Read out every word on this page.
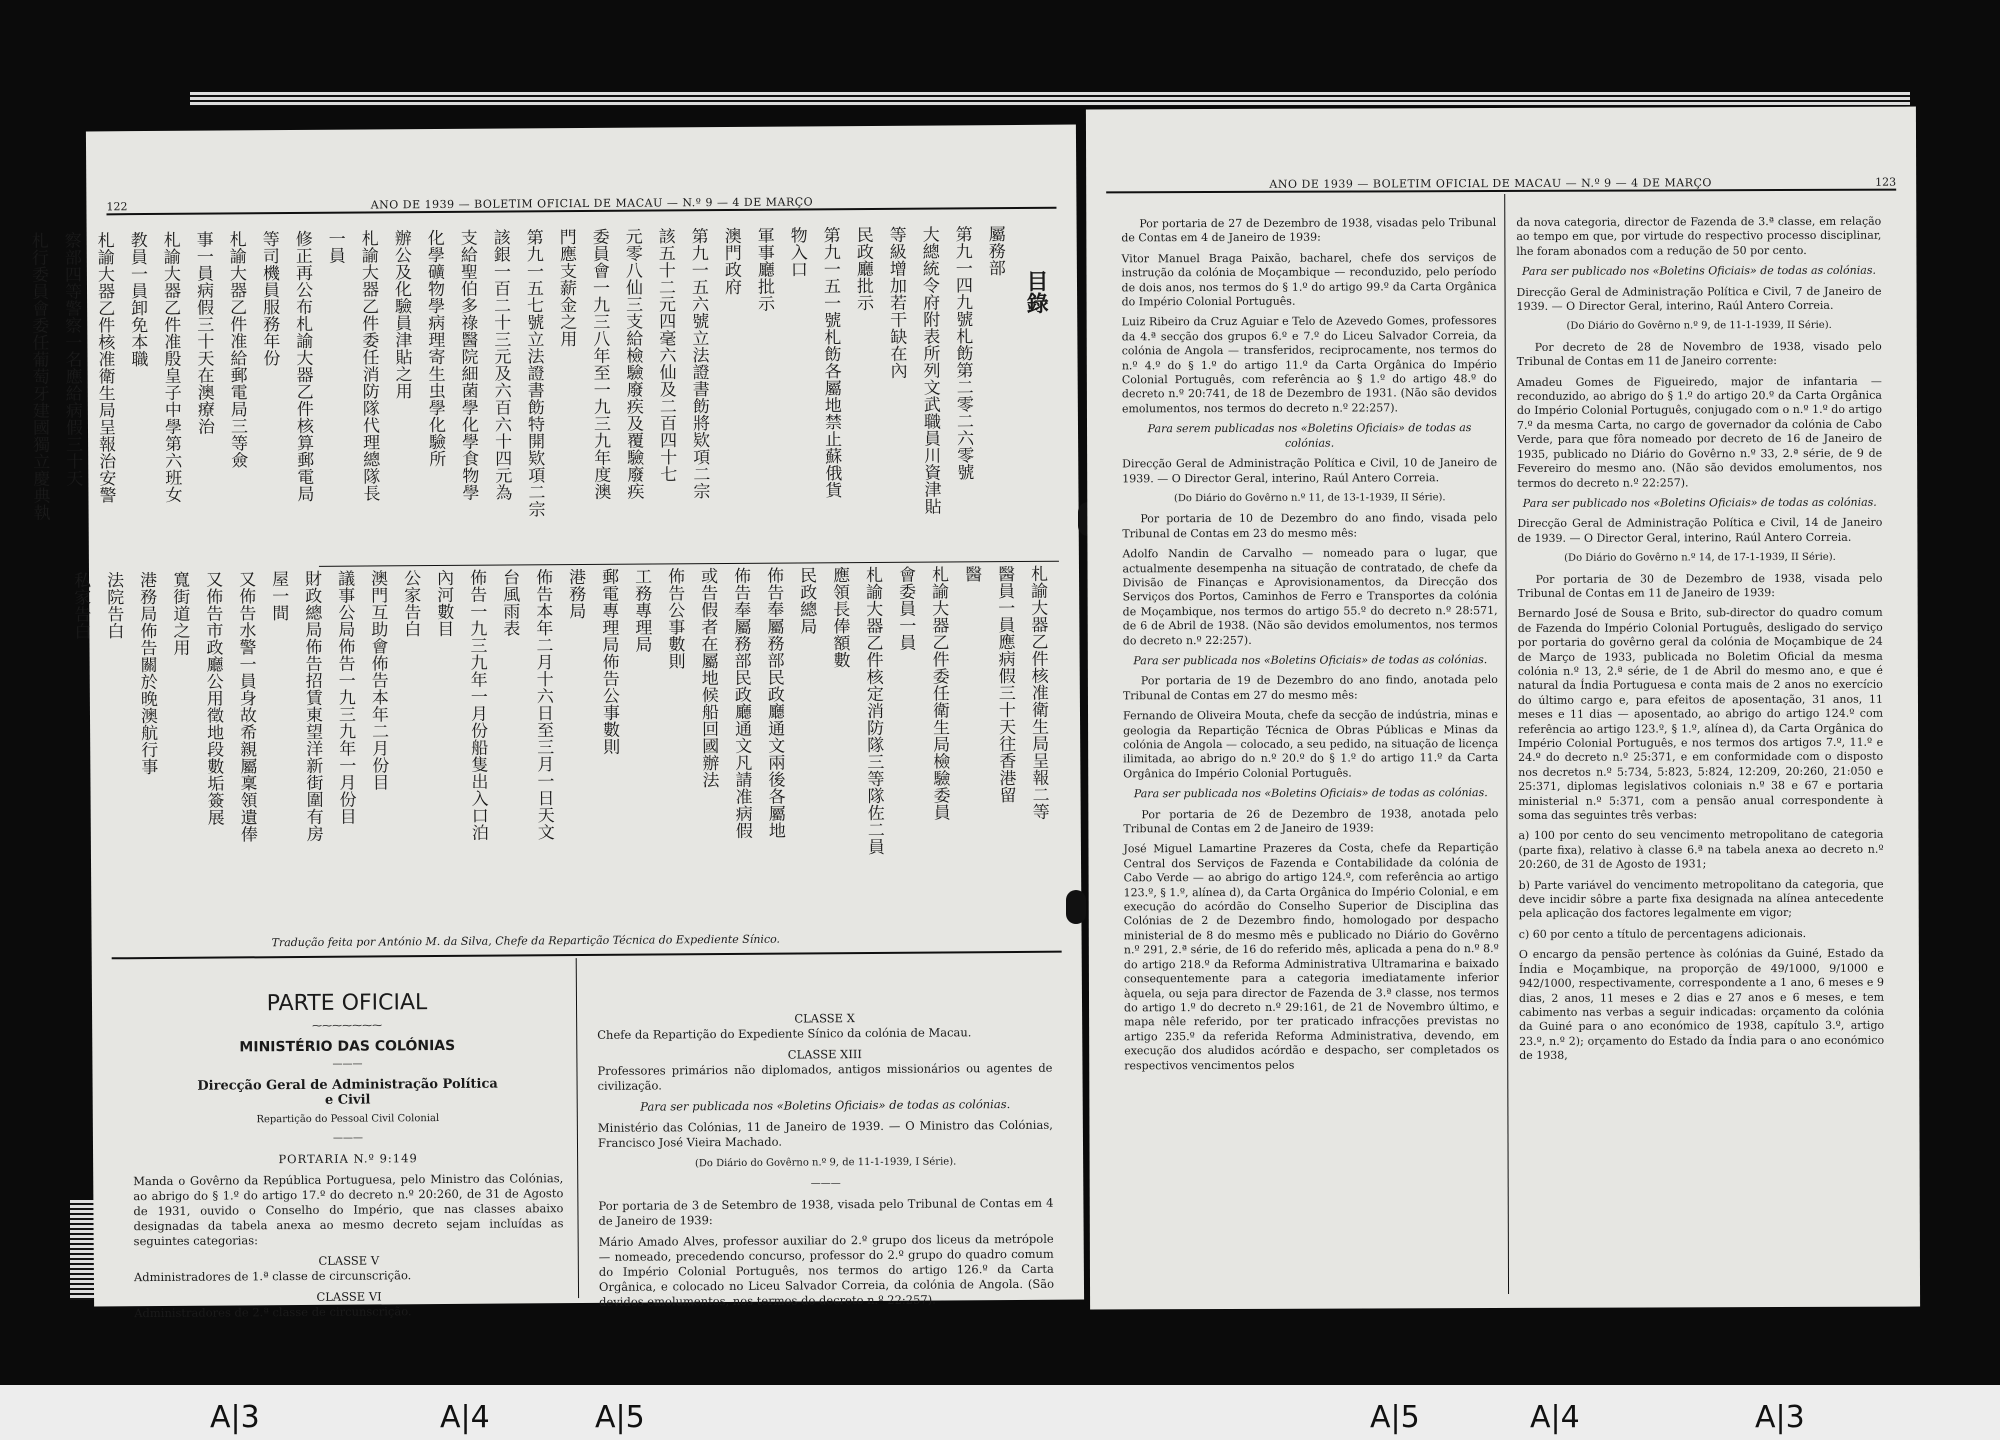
122	ANO DE 1939 — BOLETIM OFICIAL DE MACAU — N.º 9 — 4 DE MARÇO
目錄
屬務部
第九一四九號札飭第二零二六零號
大總統令府附表所列文武職員川資津貼
等級增加若干缺在內
民政廳批示
第九一五一號札飭各屬地禁止蘇俄貨
物入口
軍事廳批示
澳門政府
第九一五六號立法證書飭將欵項二宗
該五十二元四毫六仙及二百四十七
元零八仙三支給檢驗廢疾及覆驗廢疾
委員會一九三八年至一九三九年度澳
門應支薪金之用
第九一五七號立法證書飭特開欵項二宗
該銀一百二十三元及六百六十四元為
支給聖伯多祿醫院細菌學化學食物學
化學礦物學病理寄生虫學化驗所
辦公及化驗員津貼之用
札諭大器乙件委任消防隊代理總隊長
一員
修正再公布札諭大器乙件核算郵電局
等司機員服務年份
札諭大器乙件准給郵電局三等僉
事一員病假三十天在澳療治
札諭大器乙件准殷皇子中學第六班女
教員一員卸免本職
札諭大器乙件核准衛生局呈報治安警
察部四等警察一名應給病假三十天
札行委員會委任葡萄牙建國獨立慶典執
札諭大器乙件核准衛生局呈報二等
醫員一員應病假三十天往香港留
醫
札諭大器乙件委任衛生局檢驗委員
會委員一員
札諭大器乙件核定消防隊三等隊佐二員
應領長俸額數
民政總局
佈告奉屬務部民政廳通文兩後各屬地
佈告奉屬務部民政廳通文凡請准病假
或告假者在屬地候船回國辦法
佈告公事數則
工務專理局
郵電專理局佈告公事數則
港務局
佈告本年二月十六日至三月一日天文
台風雨表
佈告一九三九年一月份船隻出入口泊
內河數目
公家告白
澳門互助會佈告本年二月份目
議事公局佈告一九三九年一月份目
財政總局佈告招賃東望洋新街圍有房
屋一間
又佈告水警一員身故希親屬稟領遺俸
又佈告市政廳公用徵地段數垢簽展
寬街道之用
港務局佈告關於晚澳航行事
法院告白
私家告白
Tradução feita por António M. da Silva, Chefe da Repartição Técnica do Expediente Sínico.
PARTE OFICIAL
⁓⁓⁓⁓⁓⁓⁓
MINISTÉRIO DAS COLÓNIAS
———
Direcção Geral de Administração Política
e Civil
Repartição do Pessoal Civil Colonial
———
PORTARIA N.º 9:149

Manda o Govêrno da República Portuguesa, pelo Ministro das Colónias, ao abrigo do § 1.º do artigo 17.º do decreto n.º 20:260, de 31 de Agosto de 1931, ouvido o Conselho do Império, que nas classes abaixo designadas da tabela anexa ao mesmo decreto sejam incluídas as seguintes categorias:

CLASSE V

Administradores de 1.ª classe de circunscrição.

CLASSE VI

Administradores de 2.ª classe de circunscrição.

CLASSE X

Chefe da Repartição do Expediente Sínico da colónia de Macau.

CLASSE XIII

Professores primários não diplomados, antigos missionários ou agentes de civilização.

Para ser publicada nos «Boletins Oficiais» de todas as colónias.

Ministério das Colónias, 11 de Janeiro de 1939. — O Ministro das Colónias, Francisco José Vieira Machado.

(Do Diário do Govêrno n.º 9, de 11-1-1939, I Série).

———

Por portaria de 3 de Setembro de 1938, visada pelo Tribunal de Contas em 4 de Janeiro de 1939:

Mário Amado Alves, professor auxiliar do 2.º grupo dos liceus da metrópole — nomeado, precedendo concurso, professor do 2.º grupo do quadro comum do Império Colonial Português, nos termos do artigo 126.º da Carta Orgânica, e colocado no Liceu Salvador Correia, da colónia de Angola. (São devidos emolumentos, nos termos do decreto n.º 22:257).

ANO DE 1939 — BOLETIM OFICIAL DE MACAU — N.º 9 — 4 DE MARÇO	123

Por portaria de 27 de Dezembro de 1938, visadas pelo Tribunal de Contas em 4 de Janeiro de 1939:

Vitor Manuel Braga Paixão, bacharel, chefe dos serviços de instrução da colónia de Moçambique — reconduzido, pelo período de dois anos, nos termos do § 1.º do artigo 99.º da Carta Orgânica do Império Colonial Português.

Luiz Ribeiro da Cruz Aguiar e Telo de Azevedo Gomes, professores da 4.ª secção dos grupos 6.º e 7.º do Liceu Salvador Correia, da colónia de Angola — transferidos, reciprocamente, nos termos do n.º 4.º do § 1.º do artigo 11.º da Carta Orgânica do Império Colonial Português, com referência ao § 1.º do artigo 48.º do decreto n.º 20:741, de 18 de Dezembro de 1931. (Não são devidos emolumentos, nos termos do decreto n.º 22:257).

Para serem publicadas nos «Boletins Oficiais» de todas as colónias.

Direcção Geral de Administração Política e Civil, 10 de Janeiro de 1939. — O Director Geral, interino, Raúl Antero Correia.

(Do Diário do Govêrno n.º 11, de 13-1-1939, II Série).

Por portaria de 10 de Dezembro do ano findo, visada pelo Tribunal de Contas em 23 do mesmo mês:

Adolfo Nandin de Carvalho — nomeado para o lugar, que actualmente desempenha na situação de contratado, de chefe da Divisão de Finanças e Aprovisionamentos, da Direcção dos Serviços dos Portos, Caminhos de Ferro e Transportes da colónia de Moçambique, nos termos do artigo 55.º do decreto n.º 28:571, de 6 de Abril de 1938. (Não são devidos emolumentos, nos termos do decreto n.º 22:257).

Para ser publicada nos «Boletins Oficiais» de todas as colónias.

Por portaria de 19 de Dezembro do ano findo, anotada pelo Tribunal de Contas em 27 do mesmo mês:

Fernando de Oliveira Mouta, chefe da secção de indústria, minas e geologia da Repartição Técnica de Obras Públicas e Minas da colónia de Angola — colocado, a seu pedido, na situação de licença ilimitada, ao abrigo do n.º 20.º do § 1.º do artigo 11.º da Carta Orgânica do Império Colonial Português.

Para ser publicada nos «Boletins Oficiais» de todas as colónias.

Por portaria de 26 de Dezembro de 1938, anotada pelo Tribunal de Contas em 2 de Janeiro de 1939:

José Miguel Lamartine Prazeres da Costa, chefe da Repartição Central dos Serviços de Fazenda e Contabilidade da colónia de Cabo Verde — ao abrigo do artigo 124.º, com referência ao artigo 123.º, § 1.º, alínea d), da Carta Orgânica do Império Colonial, e em execução do acórdão do Conselho Superior de Disciplina das Colónias de 2 de Dezembro findo, homologado por despacho ministerial de 8 do mesmo mês e publicado no Diário do Govêrno n.º 291, 2.ª série, de 16 do referido mês, aplicada a pena do n.º 8.º do artigo 218.º da Reforma Administrativa Ultramarina e baixado consequentemente para a categoria imediatamente inferior àquela, ou seja para director de Fazenda de 3.ª classe, nos termos do artigo 1.º do decreto n.º 29:161, de 21 de Novembro último, e mapa nêle referido, por ter praticado infracções previstas no artigo 235.º da referida Reforma Administrativa, devendo, em execução dos aludidos acórdão e despacho, ser completados os respectivos vencimentos pelos

da nova categoria, director de Fazenda de 3.ª classe, em relação ao tempo em que, por virtude do respectivo processo disciplinar, lhe foram abonados com a redução de 50 por cento.

Para ser publicado nos «Boletins Oficiais» de todas as colónias.

Direcção Geral de Administração Política e Civil, 7 de Janeiro de 1939. — O Director Geral, interino, Raúl Antero Correia.

(Do Diário do Govêrno n.º 9, de 11-1-1939, II Série).

Por decreto de 28 de Novembro de 1938, visado pelo Tribunal de Contas em 11 de Janeiro corrente:

Amadeu Gomes de Figueiredo, major de infantaria — reconduzido, ao abrigo do § 1.º do artigo 20.º da Carta Orgânica do Império Colonial Português, conjugado com o n.º 1.º do artigo 7.º da mesma Carta, no cargo de governador da colónia de Cabo Verde, para que fôra nomeado por decreto de 16 de Janeiro de 1935, publicado no Diário do Govêrno n.º 33, 2.ª série, de 9 de Fevereiro do mesmo ano. (Não são devidos emolumentos, nos termos do decreto n.º 22:257).

Para ser publicado nos «Boletins Oficiais» de todas as colónias.

Direcção Geral de Administração Política e Civil, 14 de Janeiro de 1939. — O Director Geral, interino, Raúl Antero Correia.

(Do Diário do Govêrno n.º 14, de 17-1-1939, II Série).

Por portaria de 30 de Dezembro de 1938, visada pelo Tribunal de Contas em 11 de Janeiro de 1939:

Bernardo José de Sousa e Brito, sub-director do quadro comum de Fazenda do Império Colonial Português, desligado do serviço por portaria do govêrno geral da colónia de Moçambique de 24 de Março de 1933, publicada no Boletim Oficial da mesma colónia n.º 13, 2.ª série, de 1 de Abril do mesmo ano, e que é natural da Índia Portuguesa e conta mais de 2 anos no exercício do último cargo e, para efeitos de aposentação, 31 anos, 11 meses e 11 dias — aposentado, ao abrigo do artigo 124.º com referência ao artigo 123.º, § 1.º, alínea d), da Carta Orgânica do Império Colonial Português, e nos termos dos artigos 7.º, 11.º e 24.º do decreto n.º 25:371, e em conformidade com o disposto nos decretos n.º 5:734, 5:823, 5:824, 12:209, 20:260, 21:050 e 25:371, diplomas legislativos coloniais n.º 38 e 67 e portaria ministerial n.º 5:371, com a pensão anual correspondente à soma das seguintes três verbas:

a) 100 por cento do seu vencimento metropolitano de categoria (parte fixa), relativo à classe 6.ª na tabela anexa ao decreto n.º 20:260, de 31 de Agosto de 1931;

b) Parte variável do vencimento metropolitano da categoria, que deve incidir sôbre a parte fixa designada na alínea antecedente pela aplicação dos factores legalmente em vigor;

c) 60 por cento a título de percentagens adicionais.

O encargo da pensão pertence às colónias da Guiné, Estado da Índia e Moçambique, na proporção de 49/1000, 9/1000 e 942/1000, respectivamente, correspondente a 1 ano, 6 meses e 9 dias, 2 anos, 11 meses e 2 dias e 27 anos e 6 meses, e tem cabimento nas verbas a seguir indicadas: orçamento da colónia da Guiné para o ano económico de 1938, capítulo 3.º, artigo 23.º, n.º 2); orçamento do Estado da Índia para o ano económico de 1938,

A|3	A|4	A|5	A|5	A|4	A|3
